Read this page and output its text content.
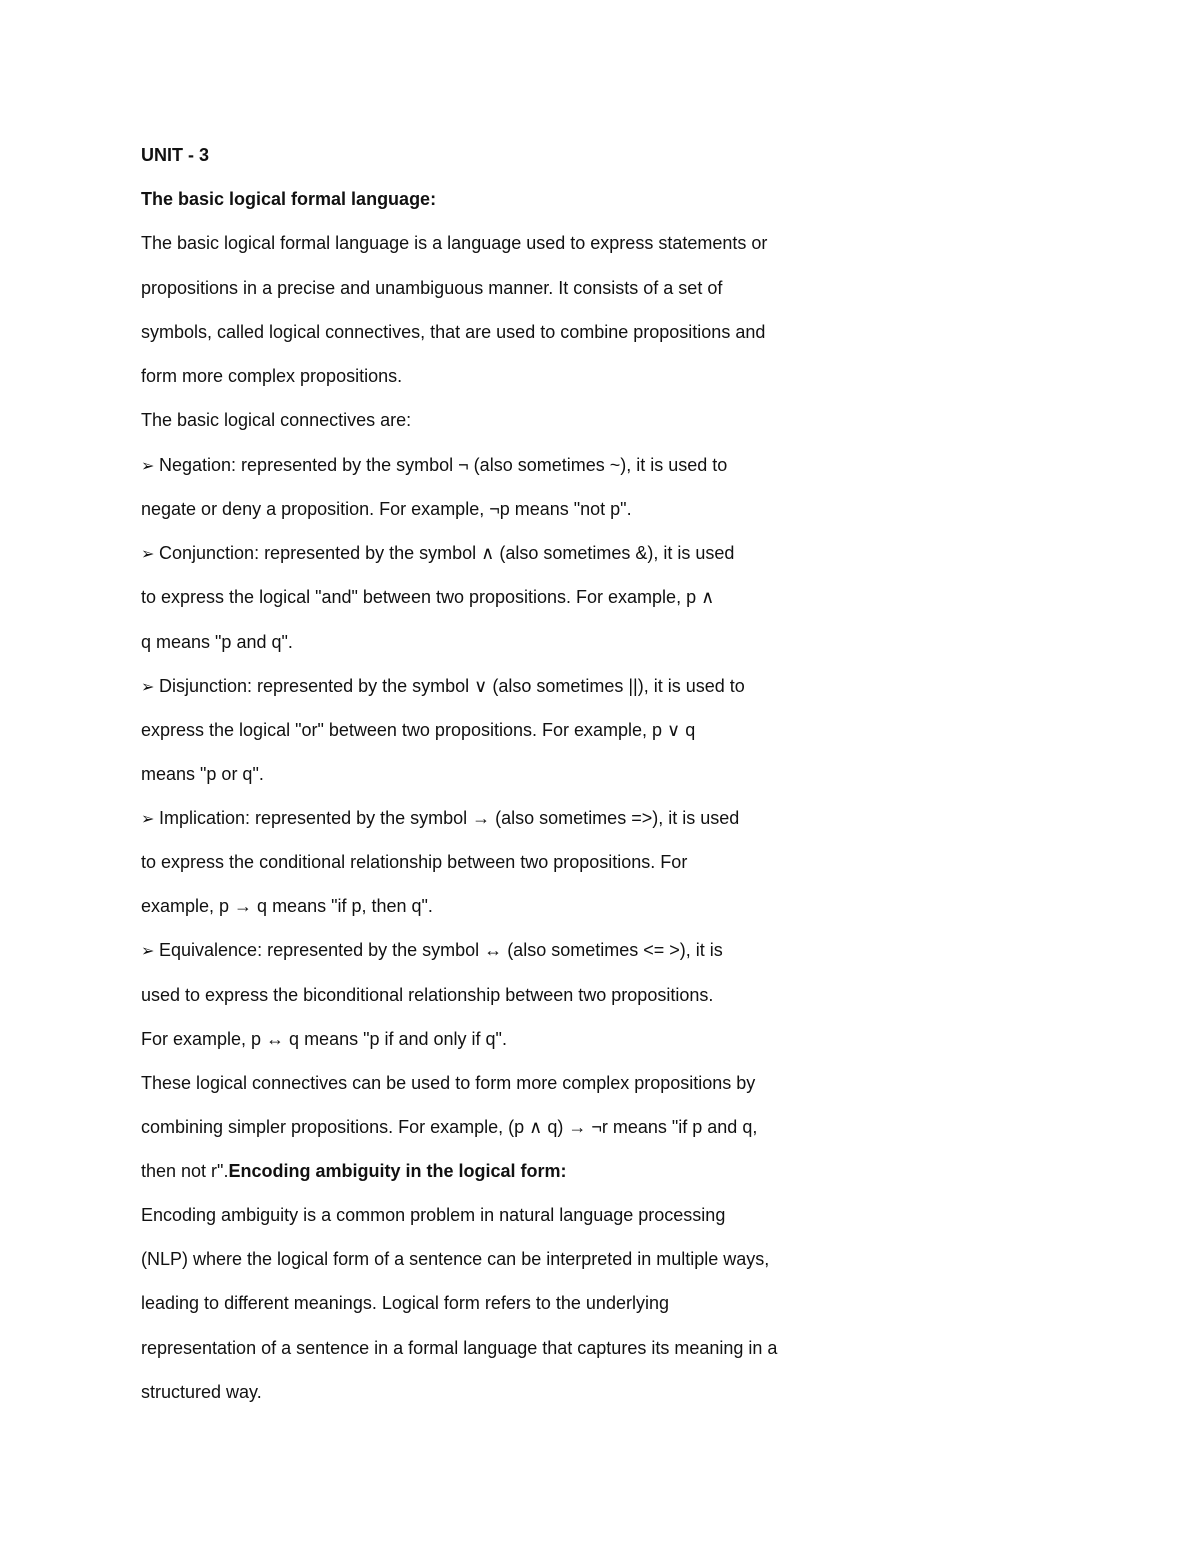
UNIT - 3
The basic logical formal language:
The basic logical formal language is a language used to express statements or
propositions in a precise and unambiguous manner. It consists of a set of
symbols, called logical connectives, that are used to combine propositions and
form more complex propositions.
The basic logical connectives are:
➢ Negation: represented by the symbol ¬ (also sometimes ~), it is used to
negate or deny a proposition. For example, ¬p means "not p".
➢ Conjunction: represented by the symbol ∧ (also sometimes &), it is used
to express the logical "and" between two propositions. For example, p ∧
q means "p and q".
➢ Disjunction: represented by the symbol ∨ (also sometimes ||), it is used to
express the logical "or" between two propositions. For example, p ∨ q
means "p or q".
➢ Implication: represented by the symbol → (also sometimes =>), it is used
to express the conditional relationship between two propositions. For
example, p → q means "if p, then q".
➢ Equivalence: represented by the symbol ↔ (also sometimes <= >), it is
used to express the biconditional relationship between two propositions.
For example, p ↔ q means "p if and only if q".
These logical connectives can be used to form more complex propositions by
combining simpler propositions. For example, (p ∧ q) → ¬r means "if p and q,
then not r".Encoding ambiguity in the logical form:
Encoding ambiguity is a common problem in natural language processing
(NLP) where the logical form of a sentence can be interpreted in multiple ways,
leading to different meanings. Logical form refers to the underlying
representation of a sentence in a formal language that captures its meaning in a
structured way.
